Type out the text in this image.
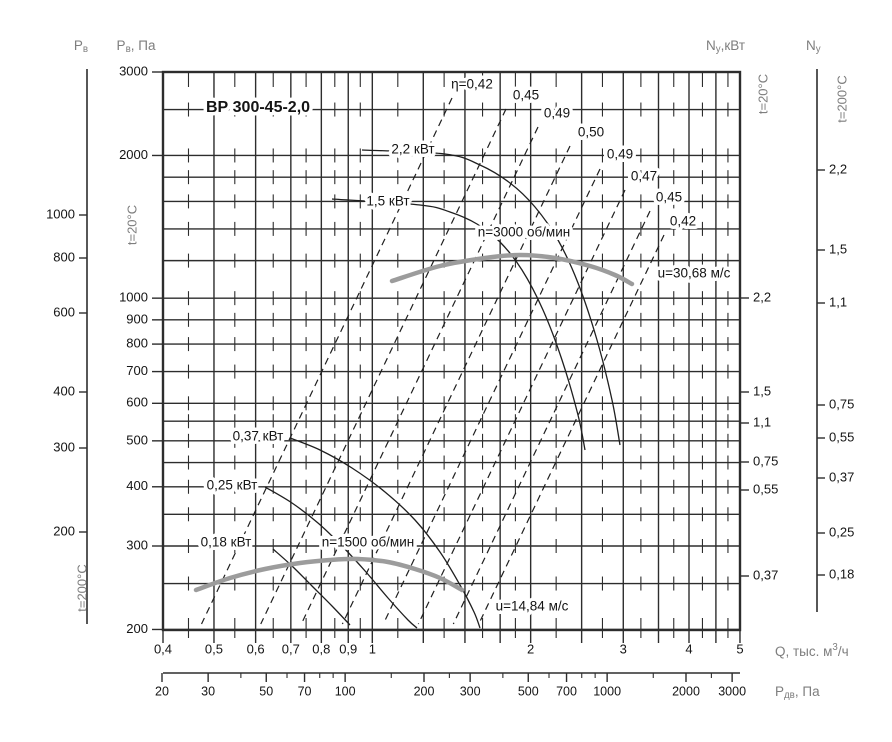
0,4	0,5 0,6 0,7 0,8 0,9 1	2	3	4	5 Q, тыс. $м^3/ч$
20	30	50 70 100	200 300	500 700 1000	2000 3000 $P_{дв}$, Па
3000
2000
1000
900
800
700
600
500
400
300
200
$P_в$, Па
t=20°C
1000
800
600
400
300
200
$P_в$
t=200°C
2,2
1,5
1,1
0,75
0,55
0,37
$N_у,кВт$
t=20°C
2,2
1,5
1,1
0,75
0,55
0,37
0,25
0,18
$N_у$
t=200°C
η=0,42
0,45
0,49
0,50
0,49
0,47
0,45
0,42
2,2 кВт
1,5 кВт
0,37 кВт
0,25 кВт
0,18 кВт
n=3000 об/мин
u=30,68 м/с
n=1500 об/мин
u=14,84 м/с
ВР 300-45-2,0
